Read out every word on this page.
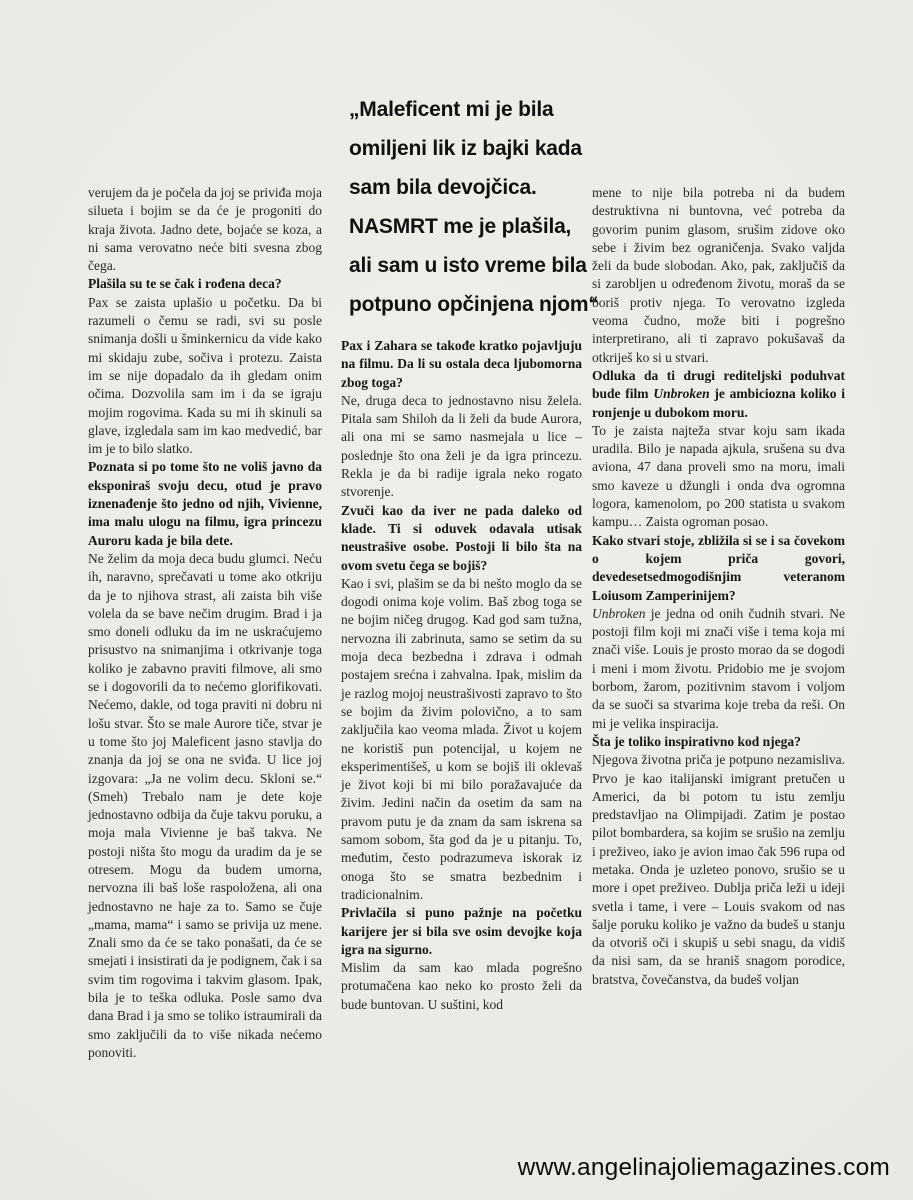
verujem da je počela da joj se priviđa moja silueta i bojim se da će je progoniti do kraja života. Jadno dete, bojaće se koza, a ni sama verovatno neće biti svesna zbog čega.

Plašila su te se čak i rođena deca?

Pax se zaista uplašio u početku. Da bi razumeli o čemu se radi, svi su posle snimanja došli u šminkernicu da vide kako mi skidaju zube, sočiva i protezu. Zaista im se nije dopadalo da ih gledam onim očima. Dozvolila sam im i da se igraju mojim rogovima. Kada su mi ih skinuli sa glave, izgledala sam im kao medvedić, bar im je to bilo slatko.

Poznata si po tome što ne voliš javno da eksponiraš svoju decu, otud je pravo iznenađenje što jedno od njih, Vivienne, ima malu ulogu na filmu, igra princezu Auroru kada je bila dete.

Ne želim da moja deca budu glumci. Neću ih, naravno, sprečavati u tome ako otkriju da je to njihova strast, ali zaista bih više volela da se bave nečim drugim. Brad i ja smo doneli odluku da im ne uskraćujemo prisustvo na snimanjima i otkrivanje toga koliko je zabavno praviti filmove, ali smo se i dogovorili da to nećemo glorifikovati. Nećemo, dakle, od toga praviti ni dobru ni lošu stvar. Što se male Aurore tiče, stvar je u tome što joj Maleficent jasno stavlja do znanja da joj se ona ne sviđa. U lice joj izgovara: „Ja ne volim decu. Skloni se.“ (Smeh) Trebalo nam je dete koje jednostavno odbija da čuje takvu poruku, a moja mala Vivienne je baš takva. Ne postoji ništa što mogu da uradim da je se otresem. Mogu da budem umorna, nervozna ili baš loše raspoložena, ali ona jednostavno ne haje za to. Samo se čuje „mama, mama“ i samo se privija uz mene. Znali smo da će se tako ponašati, da će se smejati i insistirati da je podignem, čak i sa svim tim rogovima i takvim glasom. Ipak, bila je to teška odluka. Posle samo dva dana Brad i ja smo se toliko istraumirali da smo zaključili da to više nikada nećemo ponoviti.

„Maleficent mi je bila
omiljeni lik iz bajki kada
sam bila devojčica.
NASMRT me je plašila,
ali sam u isto vreme bila
potpuno opčinjena njom“

Pax i Zahara se takođe kratko pojavljuju na filmu. Da li su ostala deca ljubomorna zbog toga?

Ne, druga deca to jednostavno nisu želela. Pitala sam Shiloh da li želi da bude Aurora, ali ona mi se samo nasmejala u lice – poslednje što ona želi je da igra princezu. Rekla je da bi radije igrala neko rogato stvorenje.

Zvuči kao da iver ne pada daleko od klade. Ti si oduvek odavala utisak neustrašive osobe. Postoji li bilo šta na ovom svetu čega se bojiš?

Kao i svi, plašim se da bi nešto moglo da se dogodi onima koje volim. Baš zbog toga se ne bojim ničeg drugog. Kad god sam tužna, nervozna ili zabrinuta, samo se setim da su moja deca bezbedna i zdrava i odmah postajem srećna i zahvalna. Ipak, mislim da je razlog mojoj neustrašivosti zapravo to što se bojim da živim polovično, a to sam zaključila kao veoma mlada. Život u kojem ne koristiš pun potencijal, u kojem ne eksperimentišeš, u kom se bojiš ili oklevaš je život koji bi mi bilo poražavajuće da živim. Jedini način da osetim da sam na pravom putu je da znam da sam iskrena sa samom sobom, šta god da je u pitanju. To, međutim, često podrazumeva iskorak iz onoga što se smatra bezbednim i tradicionalnim.

Privlačila si puno pažnje na početku karijere jer si bila sve osim devojke koja igra na sigurno.

Mislim da sam kao mlada pogrešno protumačena kao neko ko prosto želi da bude buntovan. U suštini, kod

mene to nije bila potreba ni da budem destruktivna ni buntovna, već potreba da govorim punim glasom, srušim zidove oko sebe i živim bez ograničenja. Svako valjda želi da bude slobodan. Ako, pak, zaključiš da si zarobljen u određenom životu, moraš da se boriš protiv njega. To verovatno izgleda veoma čudno, može biti i pogrešno interpretirano, ali ti zapravo pokušavaš da otkriješ ko si u stvari.

Odluka da ti drugi rediteljski poduhvat bude film Unbroken je ambiciozna koliko i ronjenje u dubokom moru.

To je zaista najteža stvar koju sam ikada uradila. Bilo je napada ajkula, srušena su dva aviona, 47 dana proveli smo na moru, imali smo kaveze u džungli i onda dva ogromna logora, kamenolom, po 200 statista u svakom kampu… Zaista ogroman posao.

Kako stvari stoje, zbližila si se i sa čovekom o kojem priča govori, devedesetsedmogodišnjim veteranom Loiusom Zamperinijem?

Unbroken je jedna od onih čudnih stvari. Ne postoji film koji mi znači više i tema koja mi znači više. Louis je prosto morao da se dogodi i meni i mom životu. Pridobio me je svojom borbom, žarom, pozitivnim stavom i voljom da se suoči sa stvarima koje treba da reši. On mi je velika inspiracija.

Šta je toliko inspirativno kod njega?

Njegova životna priča je potpuno nezamisliva. Prvo je kao italijanski imigrant pretučen u Americi, da bi potom tu istu zemlju predstavljao na Olimpijadi. Zatim je postao pilot bombardera, sa kojim se srušio na zemlju i preživeo, iako je avion imao čak 596 rupa od metaka. Onda je uzleteo ponovo, srušio se u more i opet preživeo. Dublja priča leži u ideji svetla i tame, i vere – Louis svakom od nas šalje poruku koliko je važno da budeš u stanju da otvoriš oči i skupiš u sebi snagu, da vidiš da nisi sam, da se hraniš snagom porodice, bratstva, čovečanstva, da budeš voljan

www.angelinajoliemagazines.com
